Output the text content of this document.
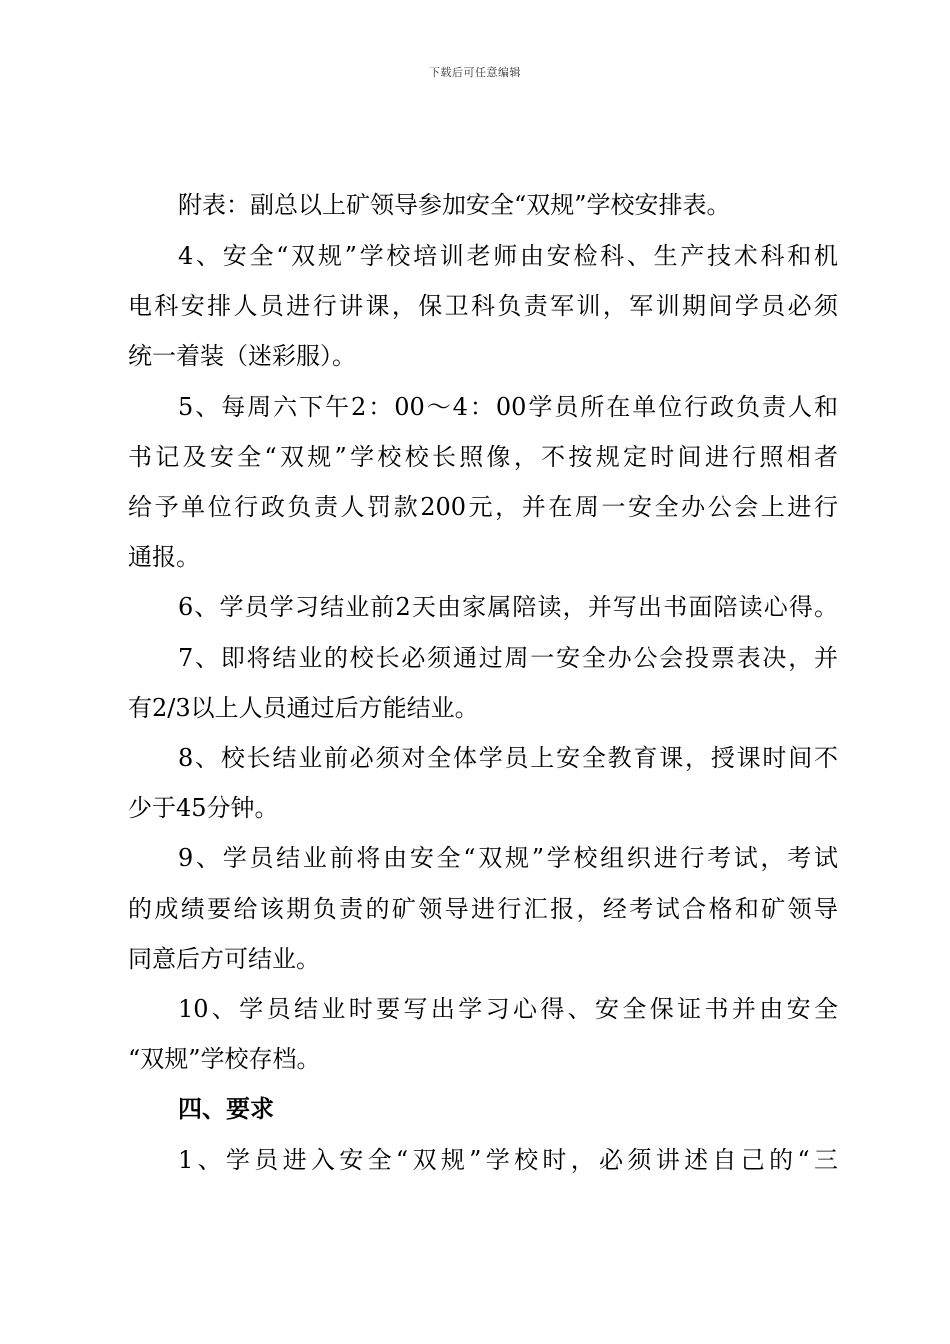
下载后可任意编辑
附表：副总以上矿领导参加安全“双规”学校安排表。
4、安全“双规”学校培训老师由安检科、生产技术科和机
电科安排人员进行讲课，保卫科负责军训，军训期间学员必须
统一着装（迷彩服）。
5、每周六下午2：00～4：00学员所在单位行政负责人和
书记及安全“双规”学校校长照像，不按规定时间进行照相者
给予单位行政负责人罚款200元，并在周一安全办公会上进行
通报。
6、学员学习结业前2天由家属陪读，并写出书面陪读心得。
7、即将结业的校长必须通过周一安全办公会投票表决，并
有2/3以上人员通过后方能结业。
8、校长结业前必须对全体学员上安全教育课，授课时间不
少于45分钟。
9、学员结业前将由安全“双规”学校组织进行考试，考试
的成绩要给该期负责的矿领导进行汇报，经考试合格和矿领导
同意后方可结业。
10、学员结业时要写出学习心得、安全保证书并由安全
“双规”学校存档。
四、要求
1、学员进入安全“双规”学校时，必须讲述自己的“三
